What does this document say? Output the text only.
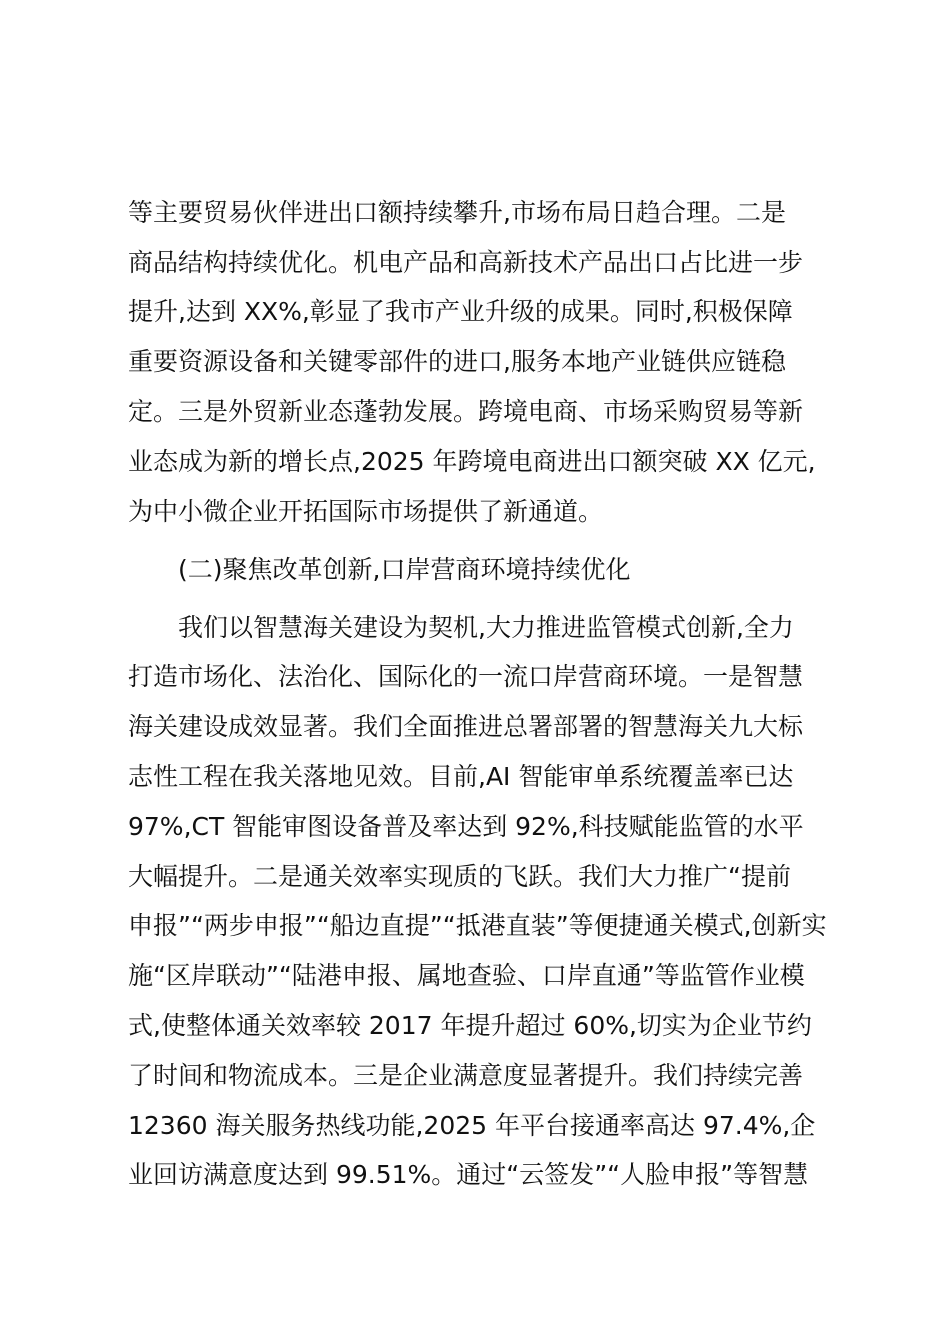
等主要贸易伙伴进出口额持续攀升,市场布局日趋合理。二是
商品结构持续优化。机电产品和高新技术产品出口占比进一步
提升,达到 XX%,彰显了我市产业升级的成果。同时,积极保障
重要资源设备和关键零部件的进口,服务本地产业链供应链稳
定。三是外贸新业态蓬勃发展。跨境电商、市场采购贸易等新
业态成为新的增长点,2025 年跨境电商进出口额突破 XX 亿元,
为中小微企业开拓国际市场提供了新通道。
(二)聚焦改革创新,口岸营商环境持续优化
我们以智慧海关建设为契机,大力推进监管模式创新,全力
打造市场化、法治化、国际化的一流口岸营商环境。一是智慧
海关建设成效显著。我们全面推进总署部署的智慧海关九大标
志性工程在我关落地见效。目前,AI 智能审单系统覆盖率已达
97%,CT 智能审图设备普及率达到 92%,科技赋能监管的水平
大幅提升。二是通关效率实现质的飞跃。我们大力推广“提前
申报”“两步申报”“船边直提”“抵港直装”等便捷通关模式,创新实
施“区岸联动”“陆港申报、属地查验、口岸直通”等监管作业模
式,使整体通关效率较 2017 年提升超过 60%,切实为企业节约
了时间和物流成本。三是企业满意度显著提升。我们持续完善
12360 海关服务热线功能,2025 年平台接通率高达 97.4%,企
业回访满意度达到 99.51%。通过“云签发”“人脸申报”等智慧
